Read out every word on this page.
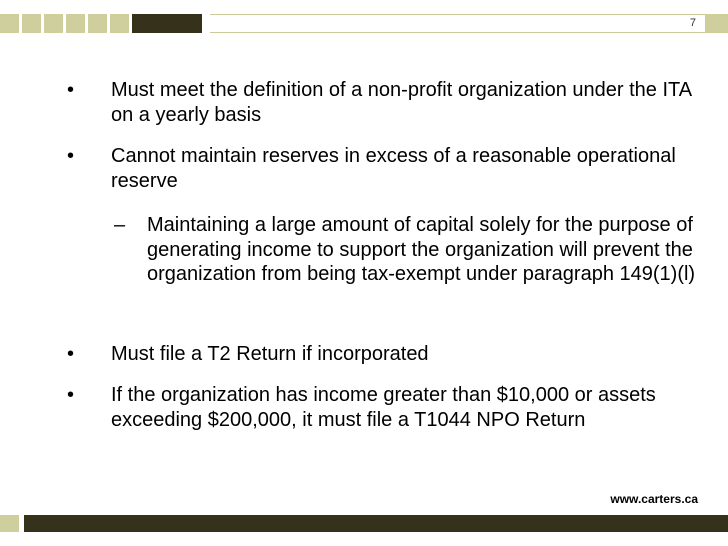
7
• Must meet the definition of a non-profit organization under the ITA on a yearly basis
• Cannot maintain reserves in excess of a reasonable operational reserve
– Maintaining a large amount of capital solely for the purpose of generating income to support the organization will prevent the organization from being tax-exempt under paragraph 149(1)(l)
• Must file a T2 Return if incorporated
• If the organization has income greater than $10,000 or assets exceeding $200,000, it must file a T1044 NPO Return
www.carters.ca
